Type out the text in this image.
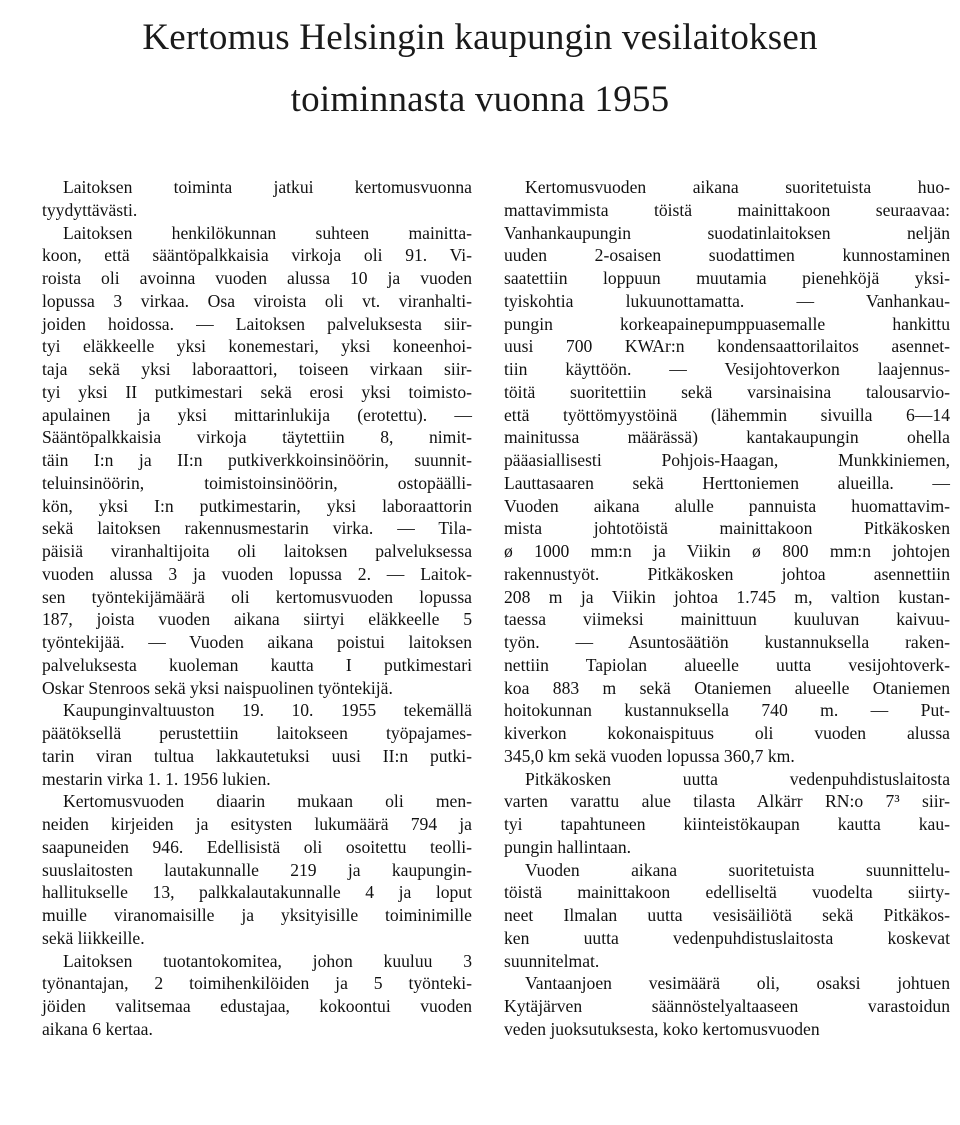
Kertomus Helsingin kaupungin vesilaitoksen
toiminnasta vuonna 1955
Laitoksen toiminta jatkui kertomusvuonna
tyydyttävästi.
Laitoksen henkilökunnan suhteen mainitta-
koon, että sääntöpalkkaisia virkoja oli 91. Vi-
roista oli avoinna vuoden alussa 10 ja vuoden
lopussa 3 virkaa. Osa viroista oli vt. viranhalti-
joiden hoidossa. — Laitoksen palveluksesta siir-
tyi eläkkeelle yksi konemestari, yksi koneenhoi-
taja sekä yksi laboraattori, toiseen virkaan siir-
tyi yksi II putkimestari sekä erosi yksi toimisto-
apulainen ja yksi mittarinlukija (erotettu). —
Sääntöpalkkaisia virkoja täytettiin 8, nimit-
täin I:n ja II:n putkiverkkoinsinöörin, suunnit-
teluinsinöörin, toimistoinsinöörin, ostopäälli-
kön, yksi I:n putkimestarin, yksi laboraattorin
sekä laitoksen rakennusmestarin virka. — Tila-
päisiä viranhaltijoita oli laitoksen palveluksessa
vuoden alussa 3 ja vuoden lopussa 2. — Laitok-
sen työntekijämäärä oli kertomusvuoden lopussa
187, joista vuoden aikana siirtyi eläkkeelle 5
työntekijää. — Vuoden aikana poistui laitoksen
palveluksesta kuoleman kautta I putkimestari
Oskar Stenroos sekä yksi naispuolinen työntekijä.
Kaupunginvaltuuston 19. 10. 1955 tekemällä
päätöksellä perustettiin laitokseen työpajames-
tarin viran tultua lakkautetuksi uusi II:n putki-
mestarin virka 1. 1. 1956 lukien.
Kertomusvuoden diaarin mukaan oli men-
neiden kirjeiden ja esitysten lukumäärä 794 ja
saapuneiden 946. Edellisistä oli osoitettu teolli-
suuslaitosten lautakunnalle 219 ja kaupungin-
hallitukselle 13, palkkalautakunnalle 4 ja loput
muille viranomaisille ja yksityisille toiminimille
sekä liikkeille.
Laitoksen tuotantokomitea, johon kuuluu 3
työnantajan, 2 toimihenkilöiden ja 5 työnteki-
jöiden valitsemaa edustajaa, kokoontui vuoden
aikana 6 kertaa.
Kertomusvuoden aikana suoritetuista huo-
mattavimmista töistä mainittakoon seuraavaa:
Vanhankaupungin suodatinlaitoksen neljän
uuden 2-osaisen suodattimen kunnostaminen
saatettiin loppuun muutamia pienehköjä yksi-
tyiskohtia lukuunottamatta. — Vanhankau-
pungin korkeapainepumppuasemalle hankittu
uusi 700 KWAr:n kondensaattorilaitos asennet-
tiin käyttöön. — Vesijohtoverkon laajennus-
töitä suoritettiin sekä varsinaisina talousarvio-
että työttömyystöinä (lähemmin sivuilla 6—14
mainitussa määrässä) kantakaupungin ohella
pääasiallisesti Pohjois-Haagan, Munkkiniemen,
Lauttasaaren sekä Herttoniemen alueilla. —
Vuoden aikana alulle pannuista huomattavim-
mista johtotöistä mainittakoon Pitkäkosken
ø 1000 mm:n ja Viikin ø 800 mm:n johtojen
rakennustyöt. Pitkäkosken johtoa asennettiin
208 m ja Viikin johtoa 1.745 m, valtion kustan-
taessa viimeksi mainittuun kuuluvan kaivuu-
työn. — Asuntosäätiön kustannuksella raken-
nettiin Tapiolan alueelle uutta vesijohtoverk-
koa 883 m sekä Otaniemen alueelle Otaniemen
hoitokunnan kustannuksella 740 m. — Put-
kiverkon kokonaispituus oli vuoden alussa
345,0 km sekä vuoden lopussa 360,7 km.
Pitkäkosken uutta vedenpuhdistuslaitosta
varten varattu alue tilasta Alkärr RN:o 7³ siir-
tyi tapahtuneen kiinteistökaupan kautta kau-
pungin hallintaan.
Vuoden aikana suoritetuista suunnittelu-
töistä mainittakoon edelliseltä vuodelta siirty-
neet Ilmalan uutta vesisäiliötä sekä Pitkäkos-
ken uutta vedenpuhdistuslaitosta koskevat
suunnitelmat.
Vantaanjoen vesimäärä oli, osaksi johtuen
Kytäjärven säännöstelyaltaaseen varastoidun
veden juoksutuksesta, koko kertomusvuoden
